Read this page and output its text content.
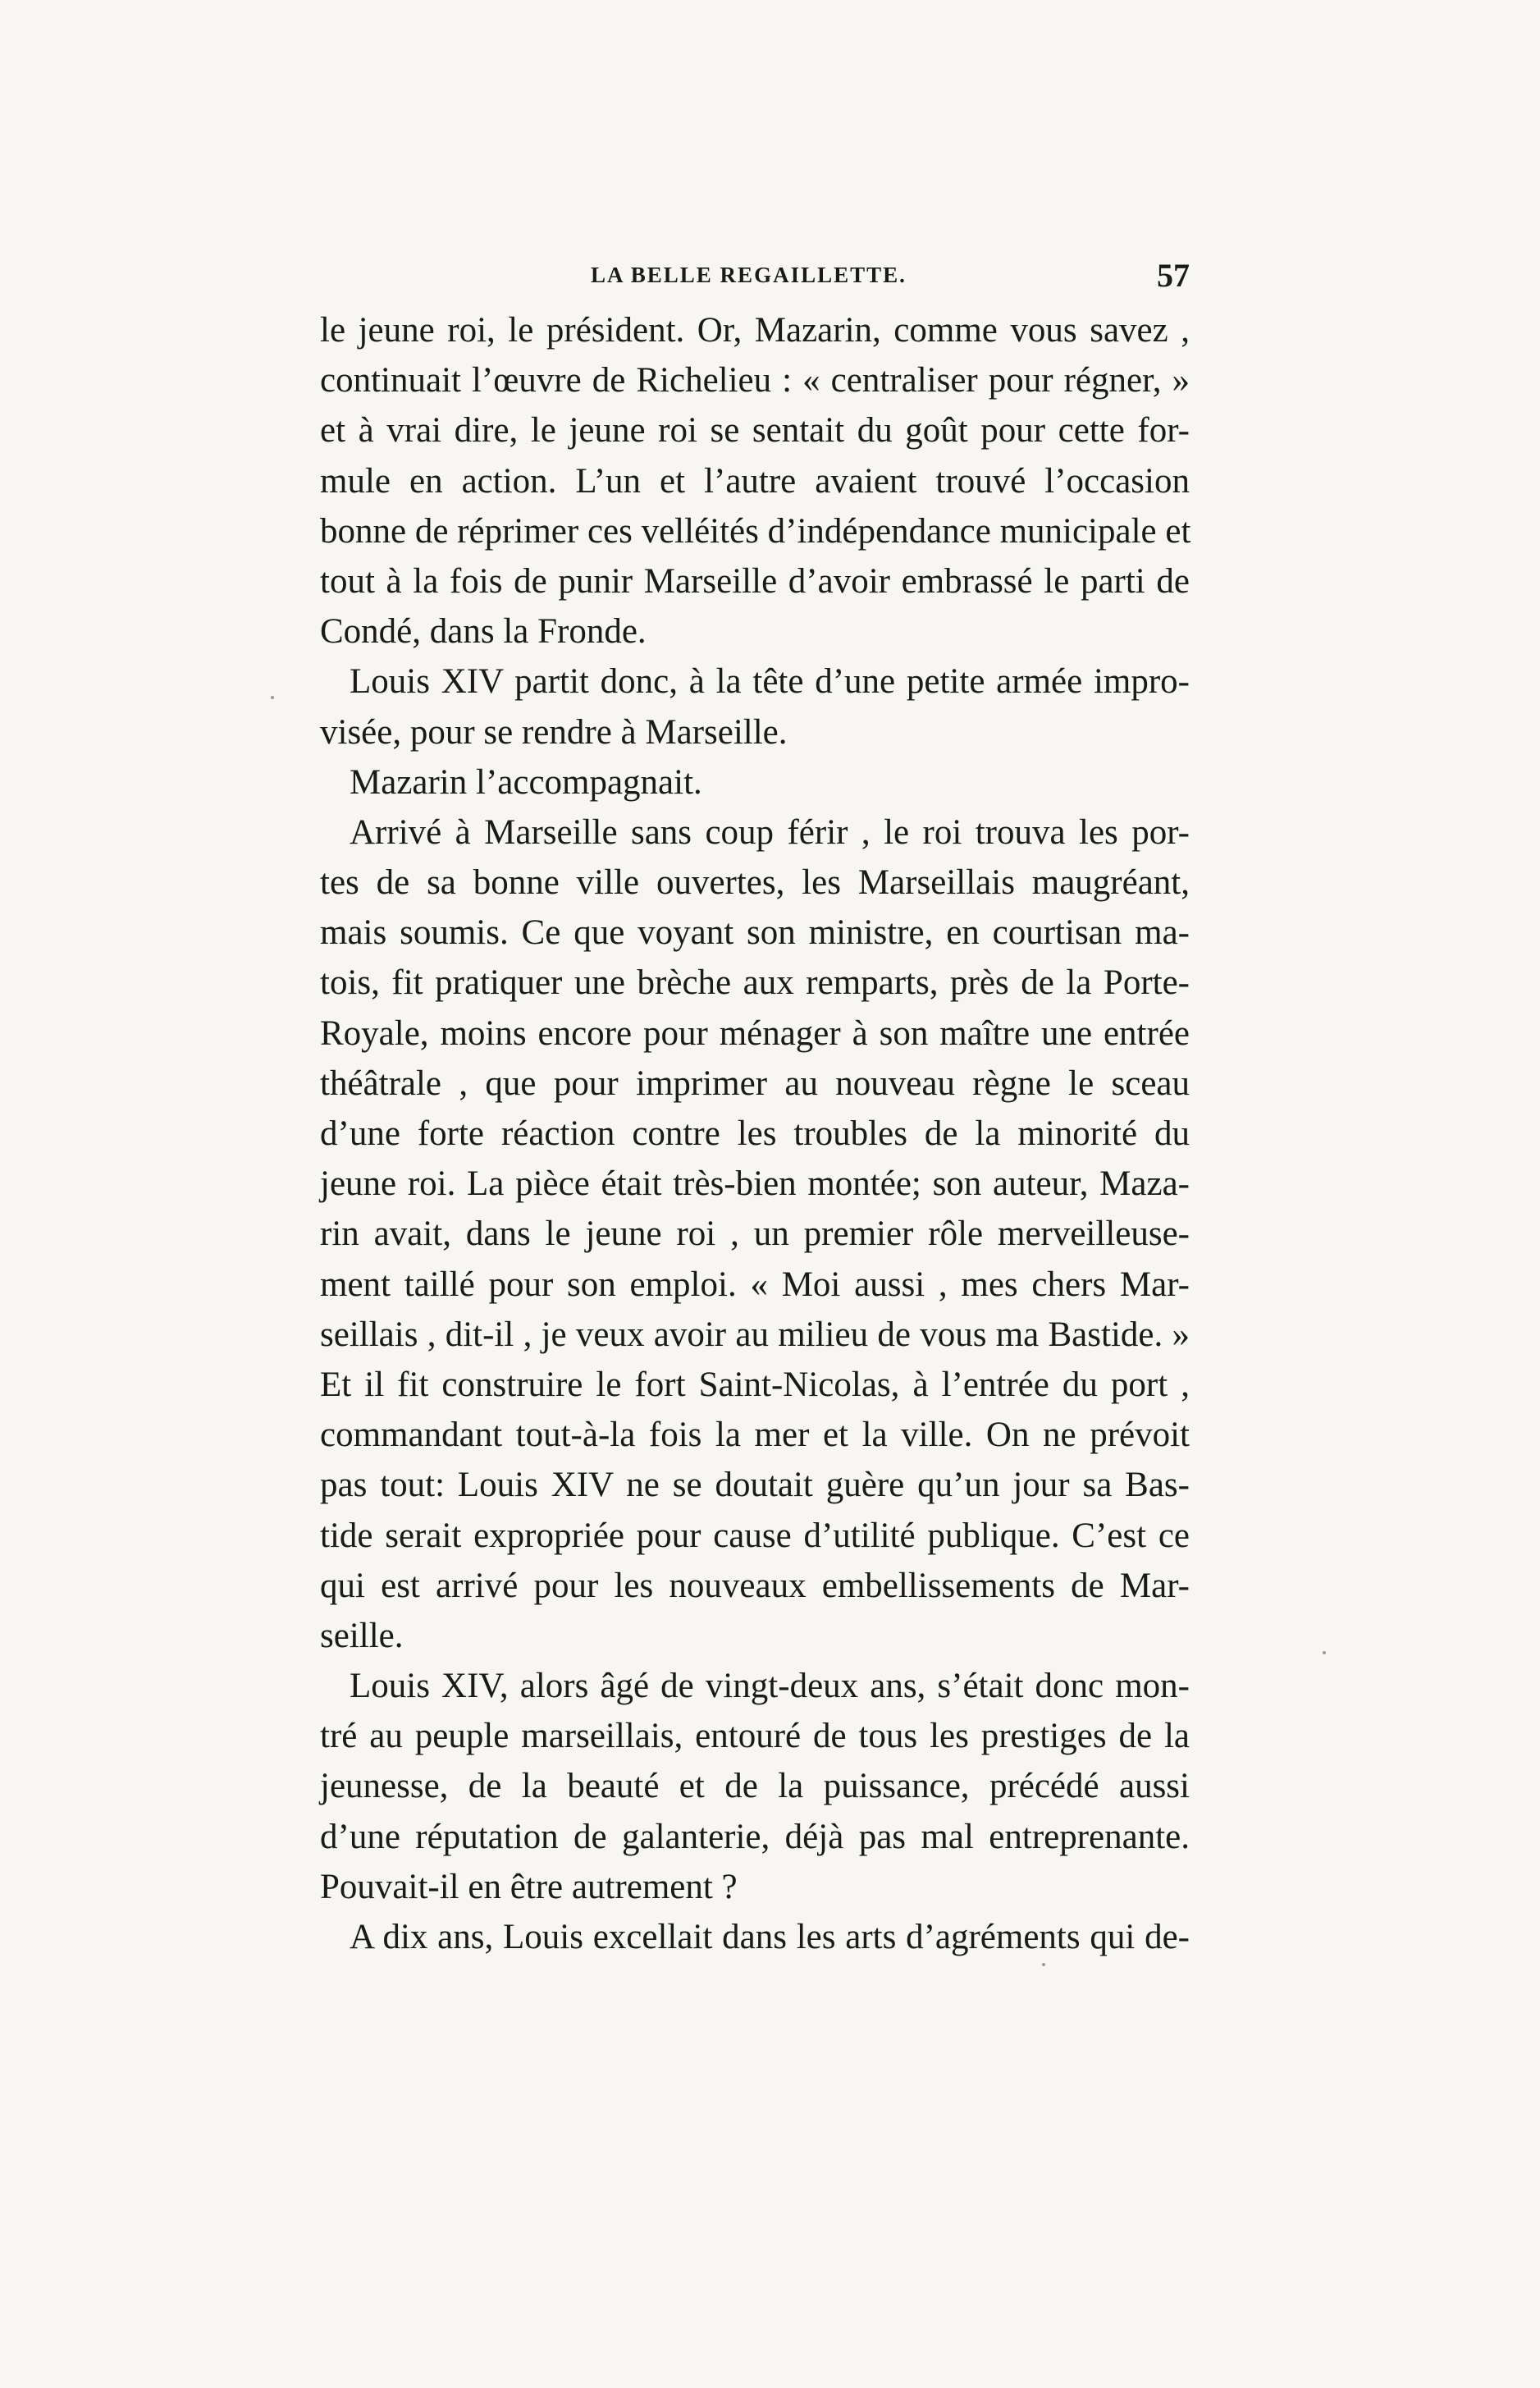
LA BELLE REGAILLETTE.	57
le jeune roi, le président. Or, Mazarin, comme vous savez ,
continuait l’œuvre de Richelieu : « centraliser pour régner, »
et à vrai dire, le jeune roi se sentait du goût pour cette for-
mule en action. L’un et l’autre avaient trouvé l’occasion
bonne de réprimer ces velléités d’indépendance municipale et
tout à la fois de punir Marseille d’avoir embrassé le parti de
Condé, dans la Fronde.
Louis XIV partit donc, à la tête d’une petite armée impro-
visée, pour se rendre à Marseille.
Mazarin l’accompagnait.
Arrivé à Marseille sans coup férir , le roi trouva les por-
tes de sa bonne ville ouvertes, les Marseillais maugréant,
mais soumis. Ce que voyant son ministre, en courtisan ma-
tois, fit pratiquer une brèche aux remparts, près de la Porte-
Royale, moins encore pour ménager à son maître une entrée
théâtrale , que pour imprimer au nouveau règne le sceau
d’une forte réaction contre les troubles de la minorité du
jeune roi. La pièce était très-bien montée; son auteur, Maza-
rin avait, dans le jeune roi , un premier rôle merveilleuse-
ment taillé pour son emploi. « Moi aussi , mes chers Mar-
seillais , dit-il , je veux avoir au milieu de vous ma Bastide. »
Et il fit construire le fort Saint-Nicolas, à l’entrée du port ,
commandant tout-à-la fois la mer et la ville. On ne prévoit
pas tout: Louis XIV ne se doutait guère qu’un jour sa Bas-
tide serait expropriée pour cause d’utilité publique. C’est ce
qui est arrivé pour les nouveaux embellissements de Mar-
seille.
Louis XIV, alors âgé de vingt-deux ans, s’était donc mon-
tré au peuple marseillais, entouré de tous les prestiges de la
jeunesse, de la beauté et de la puissance, précédé aussi
d’une réputation de galanterie, déjà pas mal entreprenante.
Pouvait-il en être autrement ?
A dix ans, Louis excellait dans les arts d’agréments qui de-
